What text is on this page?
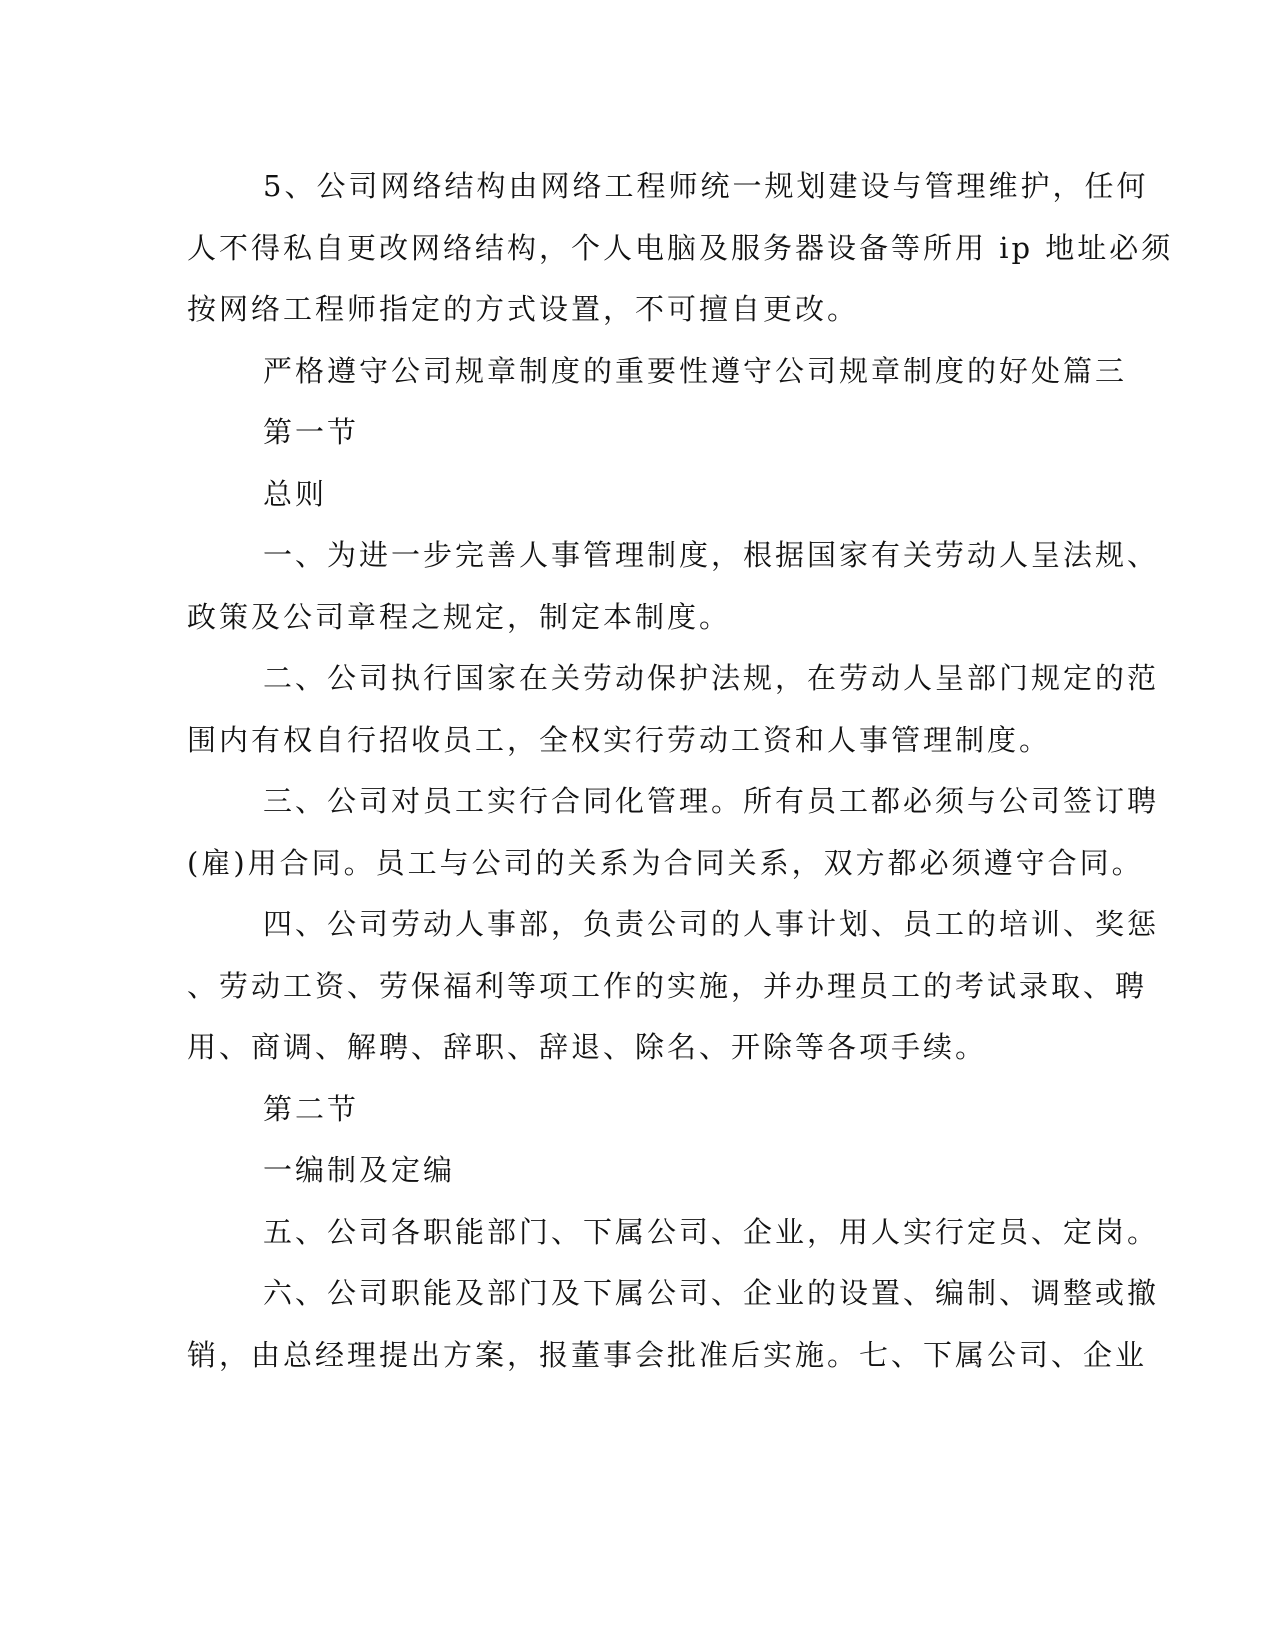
5、公司网络结构由网络工程师统一规划建设与管理维护，任何
人不得私自更改网络结构，个人电脑及服务器设备等所用 ip 地址必须
按网络工程师指定的方式设置，不可擅自更改。
严格遵守公司规章制度的重要性遵守公司规章制度的好处篇三
第一节
总则
一、为进一步完善人事管理制度，根据国家有关劳动人呈法规、
政策及公司章程之规定，制定本制度。
二、公司执行国家在关劳动保护法规，在劳动人呈部门规定的范
围内有权自行招收员工，全权实行劳动工资和人事管理制度。
三、公司对员工实行合同化管理。所有员工都必须与公司签订聘
(雇)用合同。员工与公司的关系为合同关系，双方都必须遵守合同。
四、公司劳动人事部，负责公司的人事计划、员工的培训、奖惩
、劳动工资、劳保福利等项工作的实施，并办理员工的考试录取、聘
用、商调、解聘、辞职、辞退、除名、开除等各项手续。
第二节
一编制及定编
五、公司各职能部门、下属公司、企业，用人实行定员、定岗。
六、公司职能及部门及下属公司、企业的设置、编制、调整或撤
销，由总经理提出方案，报董事会批准后实施。七、下属公司、企业
